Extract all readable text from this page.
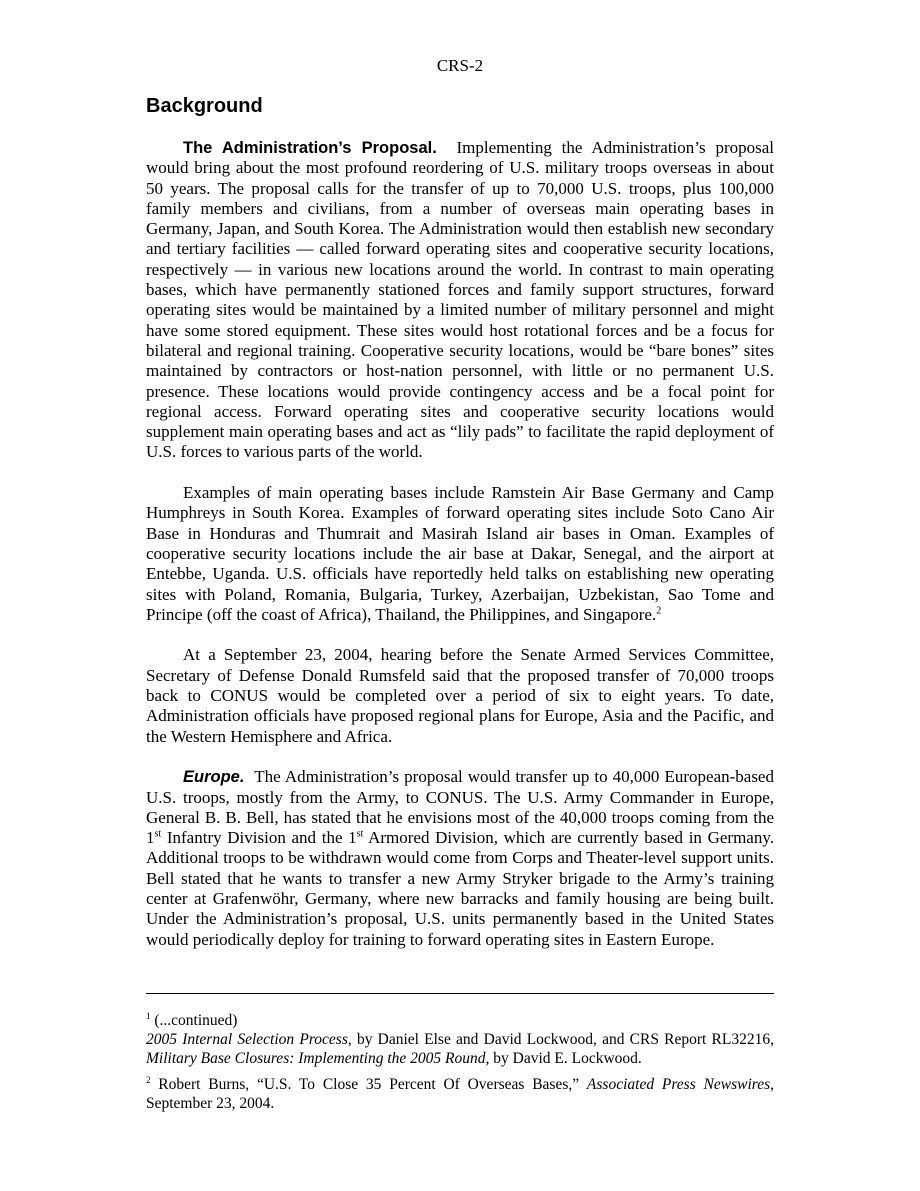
CRS-2
Background

The Administration’s Proposal. Implementing the Administration’s proposal would bring about the most profound reordering of U.S. military troops overseas in about 50 years. The proposal calls for the transfer of up to 70,000 U.S. troops, plus 100,000 family members and civilians, from a number of overseas main operating bases in Germany, Japan, and South Korea. The Administration would then establish new secondary and tertiary facilities — called forward operating sites and cooperative security locations, respectively — in various new locations around the world. In contrast to main operating bases, which have permanently stationed forces and family support structures, forward operating sites would be maintained by a limited number of military personnel and might have some stored equipment. These sites would host rotational forces and be a focus for bilateral and regional training. Cooperative security locations, would be “bare bones” sites maintained by contractors or host-nation personnel, with little or no permanent U.S. presence. These locations would provide contingency access and be a focal point for regional access. Forward operating sites and cooperative security locations would supplement main operating bases and act as “lily pads” to facilitate the rapid deployment of U.S. forces to various parts of the world.

Examples of main operating bases include Ramstein Air Base Germany and Camp Humphreys in South Korea. Examples of forward operating sites include Soto Cano Air Base in Honduras and Thumrait and Masirah Island air bases in Oman. Examples of cooperative security locations include the air base at Dakar, Senegal, and the airport at Entebbe, Uganda. U.S. officials have reportedly held talks on establishing new operating sites with Poland, Romania, Bulgaria, Turkey, Azerbaijan, Uzbekistan, Sao Tome and Principe (off the coast of Africa), Thailand, the Philippines, and Singapore.$^2$

At a September 23, 2004, hearing before the Senate Armed Services Committee, Secretary of Defense Donald Rumsfeld said that the proposed transfer of 70,000 troops back to CONUS would be completed over a period of six to eight years. To date, Administration officials have proposed regional plans for Europe, Asia and the Pacific, and the Western Hemisphere and Africa.

Europe. The Administration’s proposal would transfer up to 40,000 European-based U.S. troops, mostly from the Army, to CONUS. The U.S. Army Commander in Europe, General B. B. Bell, has stated that he envisions most of the 40,000 troops coming from the 1st Infantry Division and the 1st Armored Division, which are currently based in Germany. Additional troops to be withdrawn would come from Corps and Theater-level support units. Bell stated that he wants to transfer a new Army Stryker brigade to the Army’s training center at Grafenwöhr, Germany, where new barracks and family housing are being built. Under the Administration’s proposal, U.S. units permanently based in the United States would periodically deploy for training to forward operating sites in Eastern Europe.

$^1$ (...continued)
2005 Internal Selection Process, by Daniel Else and David Lockwood, and CRS Report RL32216, Military Base Closures: Implementing the 2005 Round, by David E. Lockwood.
$^2$ Robert Burns, “U.S. To Close 35 Percent Of Overseas Bases,” Associated Press Newswires, September 23, 2004.
